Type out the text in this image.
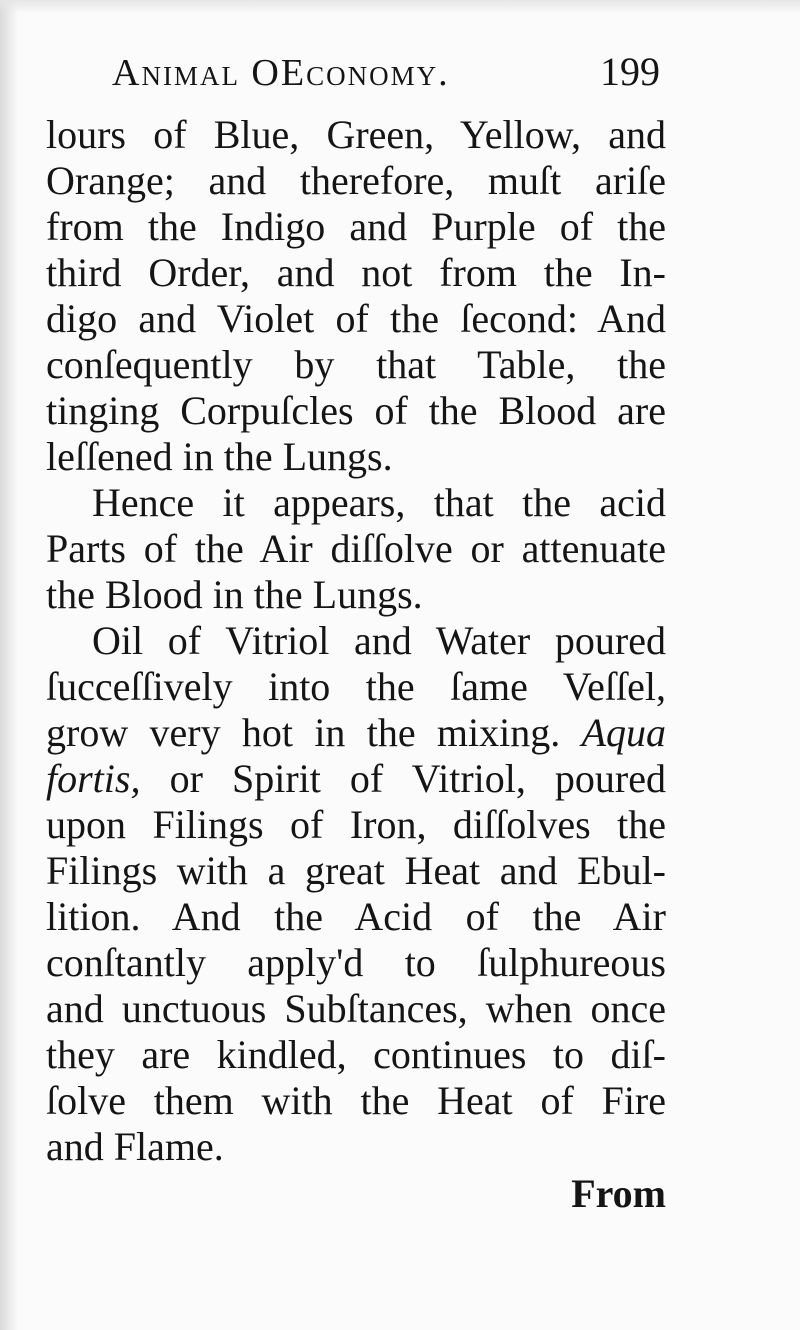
Animal OEconomy.	199
lours of Blue, Green, Yellow, and
Orange; and therefore, muſt ariſe
from the Indigo and Purple of the
third Order, and not from the In-
digo and Violet of the ſecond: And
conſequently by that Table, the
tinging Corpuſcles of the Blood are
leſſened in the Lungs.
Hence it appears, that the acid
Parts of the Air diſſolve or attenuate
the Blood in the Lungs.
Oil of Vitriol and Water poured
ſucceſſively into the ſame Veſſel,
grow very hot in the mixing. Aqua
fortis, or Spirit of Vitriol, poured
upon Filings of Iron, diſſolves the
Filings with a great Heat and Ebul-
lition. And the Acid of the Air
conſtantly apply'd to ſulphureous
and unctuous Subſtances, when once
they are kindled, continues to diſ-
ſolve them with the Heat of Fire
and Flame.
From
